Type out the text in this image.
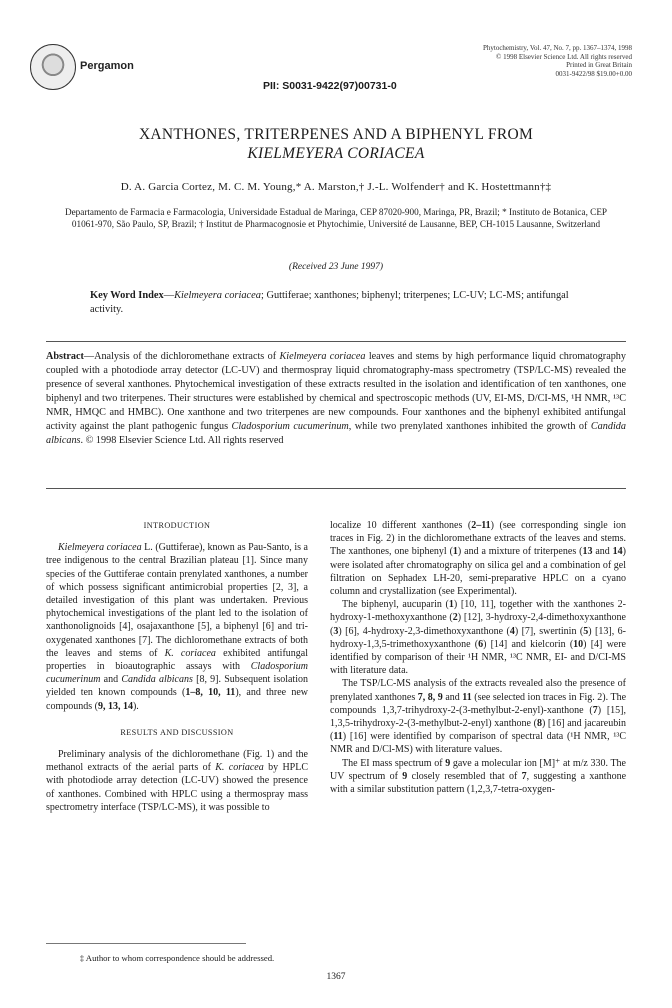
Pergamon
PII: S0031-9422(97)00731-0
Phytochemistry, Vol. 47, No. 7, pp. 1367–1374, 1998
© 1998 Elsevier Science Ltd. All rights reserved
Printed in Great Britain
0031-9422/98 $19.00+0.00
XANTHONES, TRITERPENES AND A BIPHENYL FROM
KIELMEYERA CORIACEA
D. A. Garcia Cortez, M. C. M. Young,* A. Marston,† J.-L. Wolfender† and K. Hostettmann†‡
Departamento de Farmacia e Farmacologia, Universidade Estadual de Maringa, CEP 87020-900, Maringa, PR, Brazil; * Instituto de Botanica, CEP 01061-970, São Paulo, SP, Brazil; † Institut de Pharmacognosie et Phytochimie, Université de Lausanne, BEP, CH-1015 Lausanne, Switzerland
(Received 23 June 1997)
Key Word Index—Kielmeyera coriacea; Guttiferae; xanthones; biphenyl; triterpenes; LC-UV; LC-MS; antifungal activity.
Abstract—Analysis of the dichloromethane extracts of Kielmeyera coriacea leaves and stems by high performance liquid chromatography coupled with a photodiode array detector (LC-UV) and thermospray liquid chromatography-mass spectrometry (TSP/LC-MS) revealed the presence of several xanthones. Phytochemical investigation of these extracts resulted in the isolation and identification of ten xanthones, one biphenyl and two triterpenes. Their structures were established by chemical and spectroscopic methods (UV, EI-MS, D/CI-MS, ¹H NMR, ¹³C NMR, HMQC and HMBC). One xanthone and two triterpenes are new compounds. Four xanthones and the biphenyl exhibited antifungal activity against the plant pathogenic fungus Cladosporium cucumerinum, while two prenylated xanthones inhibited the growth of Candida albicans. © 1998 Elsevier Science Ltd. All rights reserved
INTRODUCTION

Kielmeyera coriacea L. (Guttiferae), known as Pau-Santo, is a tree indigenous to the central Brazilian plateau [1]. Since many species of the Guttiferae contain prenylated xanthones, a number of which possess significant antimicrobial properties [2, 3], a detailed investigation of this plant was undertaken. Previous phytochemical investigations of the plant led to the isolation of xanthonolignoids [4], osajaxanthone [5], a biphenyl [6] and tri-oxygenated xanthones [7]. The dichloromethane extracts of both the leaves and stems of K. coriacea exhibited antifungal properties in bioautographic assays with Cladosporium cucumerinum and Candida albicans [8, 9]. Subsequent isolation yielded ten known compounds (1–8, 10, 11), and three new compounds (9, 13, 14).

RESULTS AND DISCUSSION

Preliminary analysis of the dichloromethane (Fig. 1) and the methanol extracts of the aerial parts of K. coriacea by HPLC with photodiode array detection (LC-UV) showed the presence of xanthones. Combined with HPLC using a thermospray mass spectrometry interface (TSP/LC-MS), it was possible to

localize 10 different xanthones (2–11) (see corresponding single ion traces in Fig. 2) in the dichloromethane extracts of the leaves and stems. The xanthones, one biphenyl (1) and a mixture of triterpenes (13 and 14) were isolated after chromatography on silica gel and a combination of gel filtration on Sephadex LH-20, semi-preparative HPLC on a cyano column and crystallization (see Experimental).

The biphenyl, aucuparin (1) [10, 11], together with the xanthones 2-hydroxy-1-methoxyxanthone (2) [12], 3-hydroxy-2,4-dimethoxyxanthone (3) [6], 4-hydroxy-2,3-dimethoxyxanthone (4) [7], swertinin (5) [13], 6-hydroxy-1,3,5-trimethoxyxanthone (6) [14] and kielcorin (10) [4] were identified by comparison of their ¹H NMR, ¹³C NMR, EI- and D/CI-MS with literature data.

The TSP/LC-MS analysis of the extracts revealed also the presence of prenylated xanthones 7, 8, 9 and 11 (see selected ion traces in Fig. 2). The compounds 1,3,7-trihydroxy-2-(3-methylbut-2-enyl)-xanthone (7) [15], 1,3,5-trihydroxy-2-(3-methylbut-2-enyl) xanthone (8) [16] and jacareubin (11) [16] were identified by comparison of spectral data (¹H NMR, ¹³C NMR and D/Cl-MS) with literature values.

The EI mass spectrum of 9 gave a molecular ion [M]⁺ at m/z 330. The UV spectrum of 9 closely resembled that of 7, suggesting a xanthone with a similar substitution pattern (1,2,3,7-tetra-oxygen-

‡ Author to whom correspondence should be addressed.
1367
